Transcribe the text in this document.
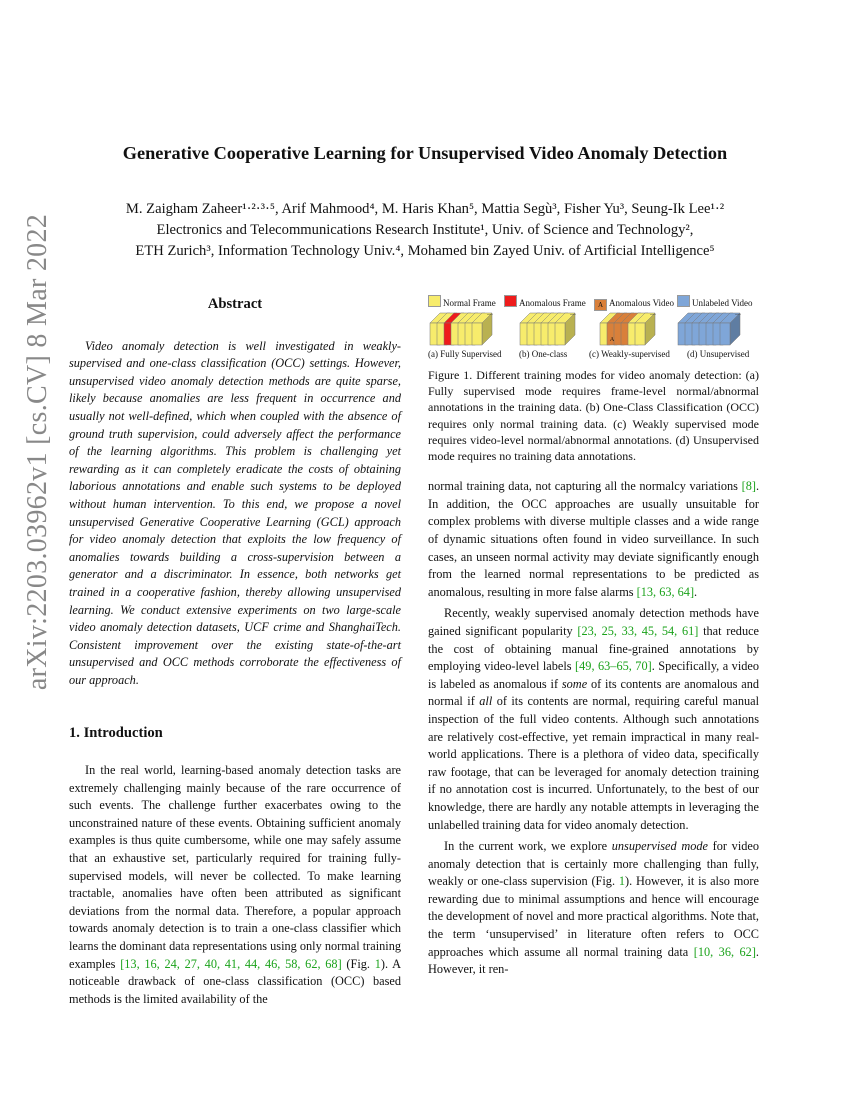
arXiv:2203.03962v1 [cs.CV] 8 Mar 2022
Generative Cooperative Learning for Unsupervised Video Anomaly Detection

M. Zaigham Zaheer¹·²·³·⁵, Arif Mahmood⁴, M. Haris Khan⁵, Mattia Segù³, Fisher Yu³, Seung-Ik Lee¹·²

Electronics and Telecommunications Research Institute¹, Univ. of Science and Technology²,

ETH Zurich³, Information Technology Univ.⁴, Mohamed bin Zayed Univ. of Artificial Intelligence⁵

Abstract

Video anomaly detection is well investigated in weakly-supervised and one-class classification (OCC) settings. However, unsupervised video anomaly detection methods are quite sparse, likely because anomalies are less frequent in occurrence and usually not well-defined, which when coupled with the absence of ground truth supervision, could adversely affect the performance of the learning algorithms. This problem is challenging yet rewarding as it can completely eradicate the costs of obtaining laborious annotations and enable such systems to be deployed without human intervention. To this end, we propose a novel unsupervised Generative Cooperative Learning (GCL) approach for video anomaly detection that exploits the low frequency of anomalies towards building a cross-supervision between a generator and a discriminator. In essence, both networks get trained in a cooperative fashion, thereby allowing unsupervised learning. We conduct extensive experiments on two large-scale video anomaly detection datasets, UCF crime and ShanghaiTech. Consistent improvement over the existing state-of-the-art unsupervised and OCC methods corroborate the effectiveness of our approach.

1. Introduction

In the real world, learning-based anomaly detection tasks are extremely challenging mainly because of the rare occurrence of such events. The challenge further exacerbates owing to the unconstrained nature of these events. Obtaining sufficient anomaly examples is thus quite cumbersome, while one may safely assume that an exhaustive set, particularly required for training fully-supervised models, will never be collected. To make learning tractable, anomalies have often been attributed as significant deviations from the normal data. Therefore, a popular approach towards anomaly detection is to train a one-class classifier which learns the dominant data representations using only normal training examples [13, 16, 24, 27, 40, 41, 44, 46, 58, 62, 68] (Fig. 1). A noticeable drawback of one-class classification (OCC) based methods is the limited availability of the

...	...
A
...	...
Normal Frame	Anomalous Frame	A Anomalous Video	Unlabeled Video
(a) Fully Supervised (b) One-class (c) Weakly-supervised (d) Unsupervised

Figure 1. Different training modes for video anomaly detection: (a) Fully supervised mode requires frame-level normal/abnormal annotations in the training data. (b) One-Class Classification (OCC) requires only normal training data. (c) Weakly supervised mode requires video-level normal/abnormal annotations. (d) Unsupervised mode requires no training data annotations.

normal training data, not capturing all the normalcy variations [8]. In addition, the OCC approaches are usually unsuitable for complex problems with diverse multiple classes and a wide range of dynamic situations often found in video surveillance. In such cases, an unseen normal activity may deviate significantly enough from the learned normal representations to be predicted as anomalous, resulting in more false alarms [13, 63, 64].

Recently, weakly supervised anomaly detection methods have gained significant popularity [23, 25, 33, 45, 54, 61] that reduce the cost of obtaining manual fine-grained annotations by employing video-level labels [49, 63–65, 70]. Specifically, a video is labeled as anomalous if some of its contents are anomalous and normal if all of its contents are normal, requiring careful manual inspection of the full video contents. Although such annotations are relatively cost-effective, yet remain impractical in many real-world applications. There is a plethora of video data, specifically raw footage, that can be leveraged for anomaly detection training if no annotation cost is incurred. Unfortunately, to the best of our knowledge, there are hardly any notable attempts in leveraging the unlabelled training data for video anomaly detection.

In the current work, we explore unsupervised mode for video anomaly detection that is certainly more challenging than fully, weakly or one-class supervision (Fig. 1). However, it is also more rewarding due to minimal assumptions and hence will encourage the development of novel and more practical algorithms. Note that, the term ‘unsupervised’ in literature often refers to OCC approaches which assume all normal training data [10, 36, 62]. However, it ren-
